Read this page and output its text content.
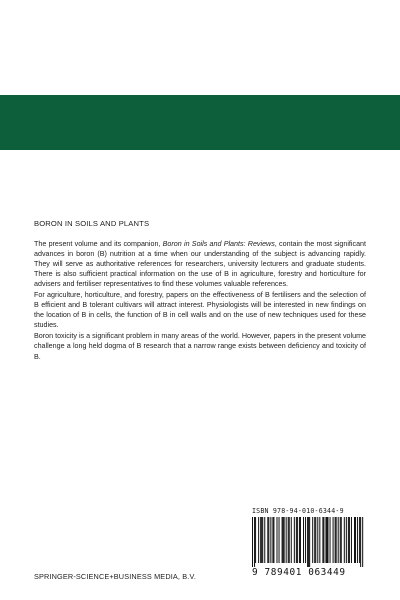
BORON IN SOILS AND PLANTS

The present volume and its companion, Boron in Soils and Plants: Reviews, contain the most significant advances in boron (B) nutrition at a time when our understanding of the subject is advancing rapidly. They will serve as authoritative references for researchers, university lecturers and graduate students. There is also sufficient practical information on the use of B in agriculture, forestry and horticulture for advisers and fertiliser representatives to find these volumes valuable references.

For agriculture, horticulture, and forestry, papers on the effectiveness of B fertilisers and the selection of B efficient and B tolerant cultivars will attract interest. Physiologists will be interested in new findings on the location of B in cells, the function of B in cell walls and on the use of new techniques used for these studies.

Boron toxicity is a significant problem in many areas of the world. However, papers in the present volume challenge a long held dogma of B research that a narrow range exists between deficiency and toxicity of B.

ISBN 978-94-010-6344-9
9 789401 063449
SPRINGER-SCIENCE+BUSINESS MEDIA, B.V.
